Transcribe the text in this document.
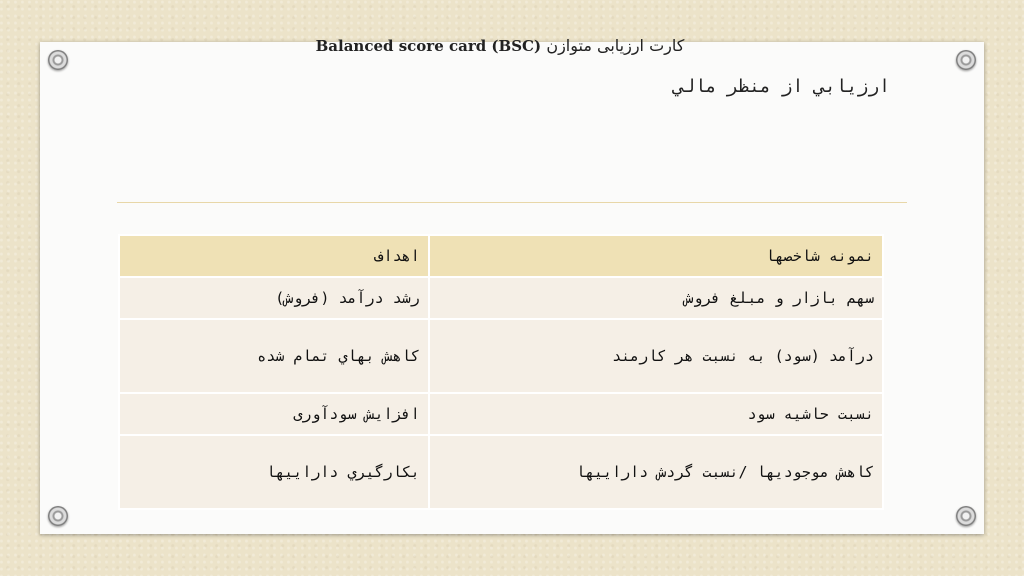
Balanced score card (BSC) کارت ارزیابی متوازن
ارزيابي از منظر مالي
نمونه شاخصها	اهداف
سهم بازار و مبلغ فروش	رشد درآمد (فروش)
درآمد (سود) به نسبت هر کارمند	کاهش بهاي تمام شده
نسبت حاشیه سود	افزایش سودآوری
کاهش موجودیها /نسبت گردش دارایيها	بکارگیري دارایيها
